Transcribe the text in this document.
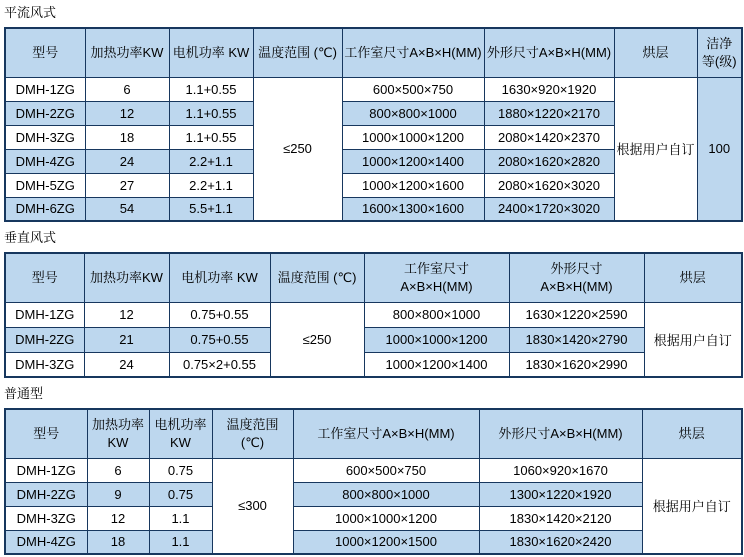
平流风式
型号	加热功率KW	电机功率 KW	温度范围 (℃)	工作室尺寸A×B×H(MM)	外形尺寸A×B×H(MM)	烘层	洁净
等(级)
DMH-1ZG	6	1.1+0.55	≤250	600×500×750	1630×920×1920	根据用户自订	100
DMH-2ZG	12	1.1+0.55		800×800×1000	1880×1220×2170		
DMH-3ZG	18	1.1+0.55		1000×1000×1200	2080×1420×2370		
DMH-4ZG	24	2.2+1.1		1000×1200×1400	2080×1620×2820		
DMH-5ZG	27	2.2+1.1		1000×1200×1600	2080×1620×3020		
DMH-6ZG	54	5.5+1.1		1600×1300×1600	2400×1720×3020		
垂直风式
型号	加热功率KW	电机功率 KW	温度范围 (℃)	工作室尺寸
A×B×H(MM)	外形尺寸
A×B×H(MM)	烘层
DMH-1ZG	12	0.75+0.55	≤250	800×800×1000	1630×1220×2590	根据用户自订
DMH-2ZG	21	0.75+0.55		1000×1000×1200	1830×1420×2790	
DMH-3ZG	24	0.75×2+0.55		1000×1200×1400	1830×1620×2990	
普通型
型号	加热功率
KW	电机功率
KW	温度范围
(℃)	工作室尺寸A×B×H(MM)	外形尺寸A×B×H(MM)	烘层
DMH-1ZG	6	0.75	≤300	600×500×750	1060×920×1670	根据用户自订
DMH-2ZG	9	0.75		800×800×1000	1300×1220×1920	
DMH-3ZG	12	1.1		1000×1000×1200	1830×1420×2120	
DMH-4ZG	18	1.1		1000×1200×1500	1830×1620×2420	
